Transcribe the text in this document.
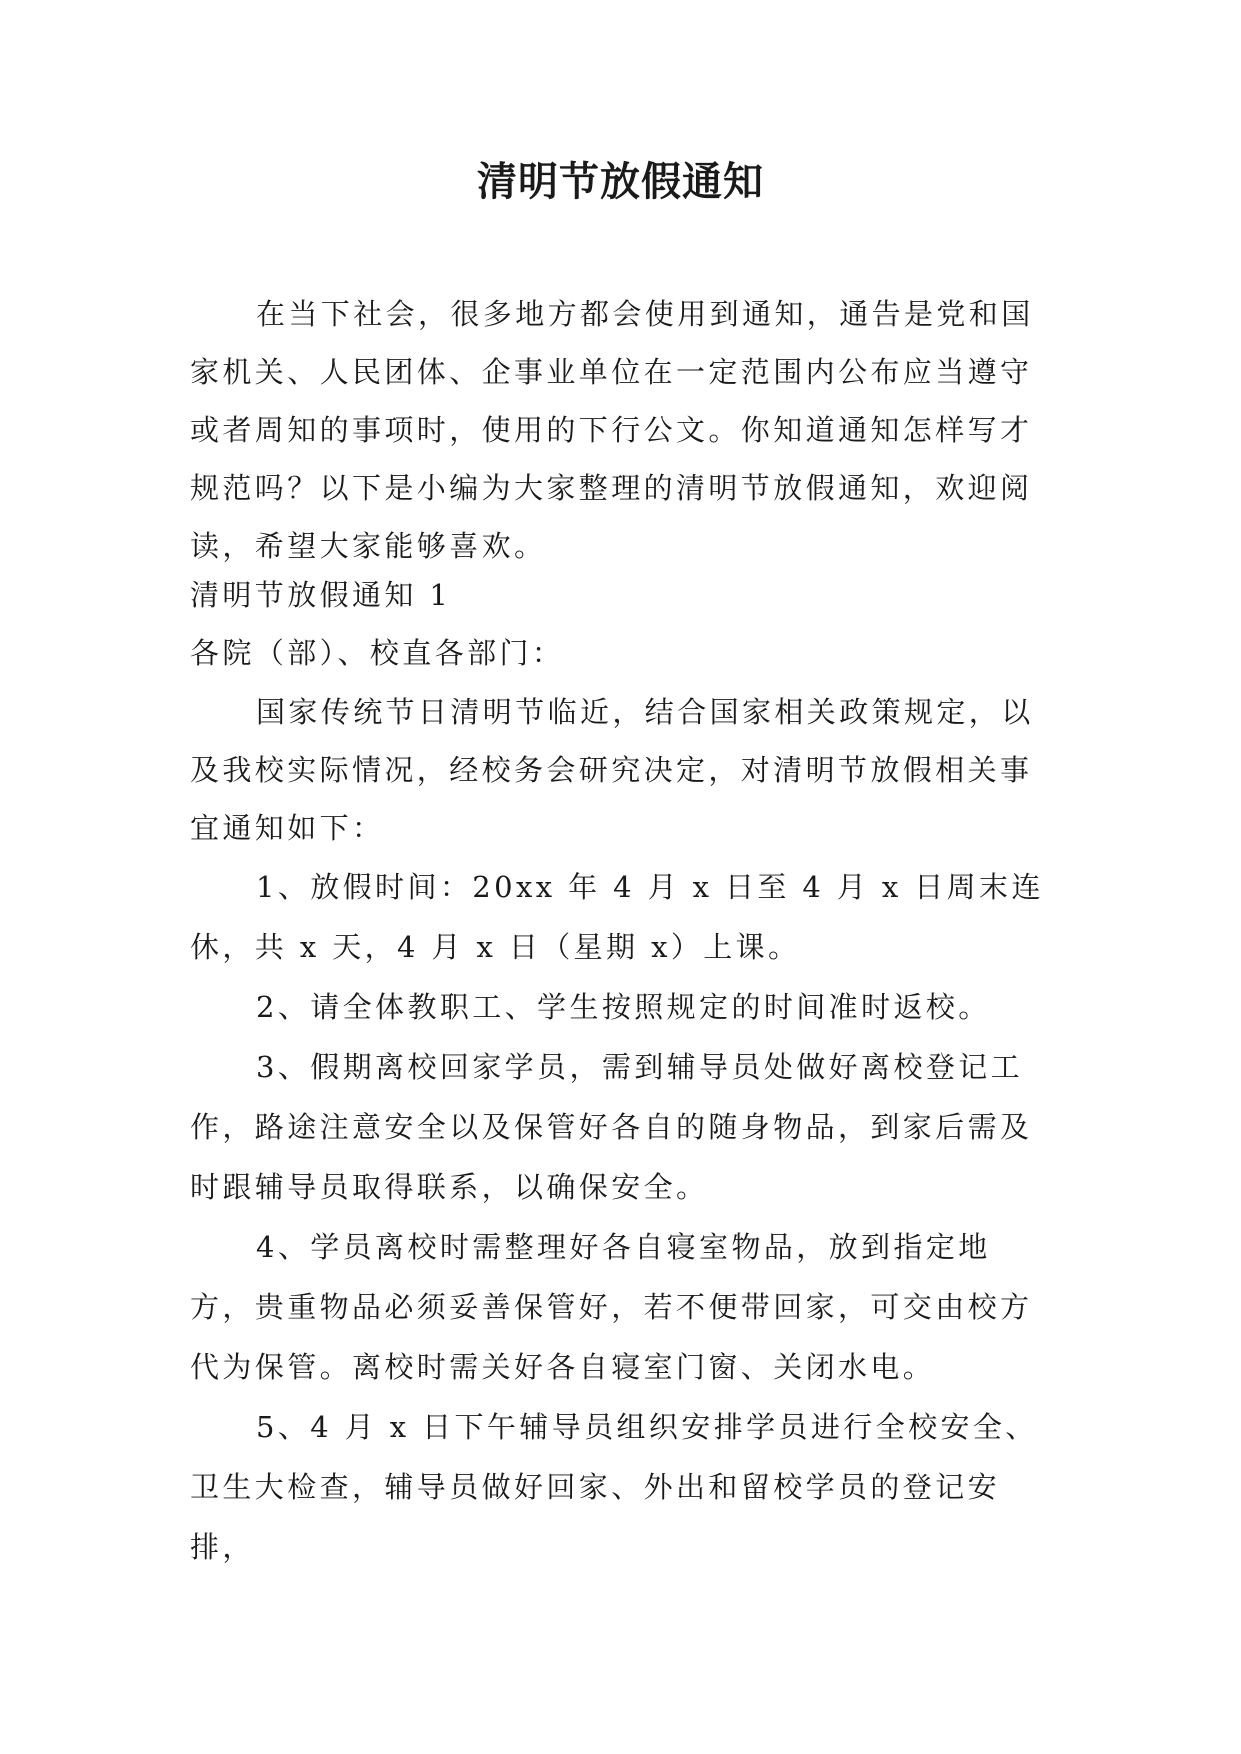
清明节放假通知

在当下社会，很多地方都会使用到通知，通告是党和国家机关、人民团体、企事业单位在一定范围内公布应当遵守或者周知的事项时，使用的下行公文。你知道通知怎样写才规范吗？以下是小编为大家整理的清明节放假通知，欢迎阅读，希望大家能够喜欢。

清明节放假通知 1

各院（部）、校直各部门：

国家传统节日清明节临近，结合国家相关政策规定，以及我校实际情况，经校务会研究决定，对清明节放假相关事宜通知如下：

1、放假时间：20xx 年 4 月 x 日至 4 月 x 日周末连休，共 x 天，4 月 x 日（星期 x）上课。

2、请全体教职工、学生按照规定的时间准时返校。

3、假期离校回家学员，需到辅导员处做好离校登记工作，路途注意安全以及保管好各自的随身物品，到家后需及时跟辅导员取得联系，以确保安全。

4、学员离校时需整理好各自寝室物品，放到指定地方，贵重物品必须妥善保管好，若不便带回家，可交由校方代为保管。离校时需关好各自寝室门窗、关闭水电。

5、4 月 x 日下午辅导员组织安排学员进行全校安全、卫生大检查，辅导员做好回家、外出和留校学员的登记安排，
